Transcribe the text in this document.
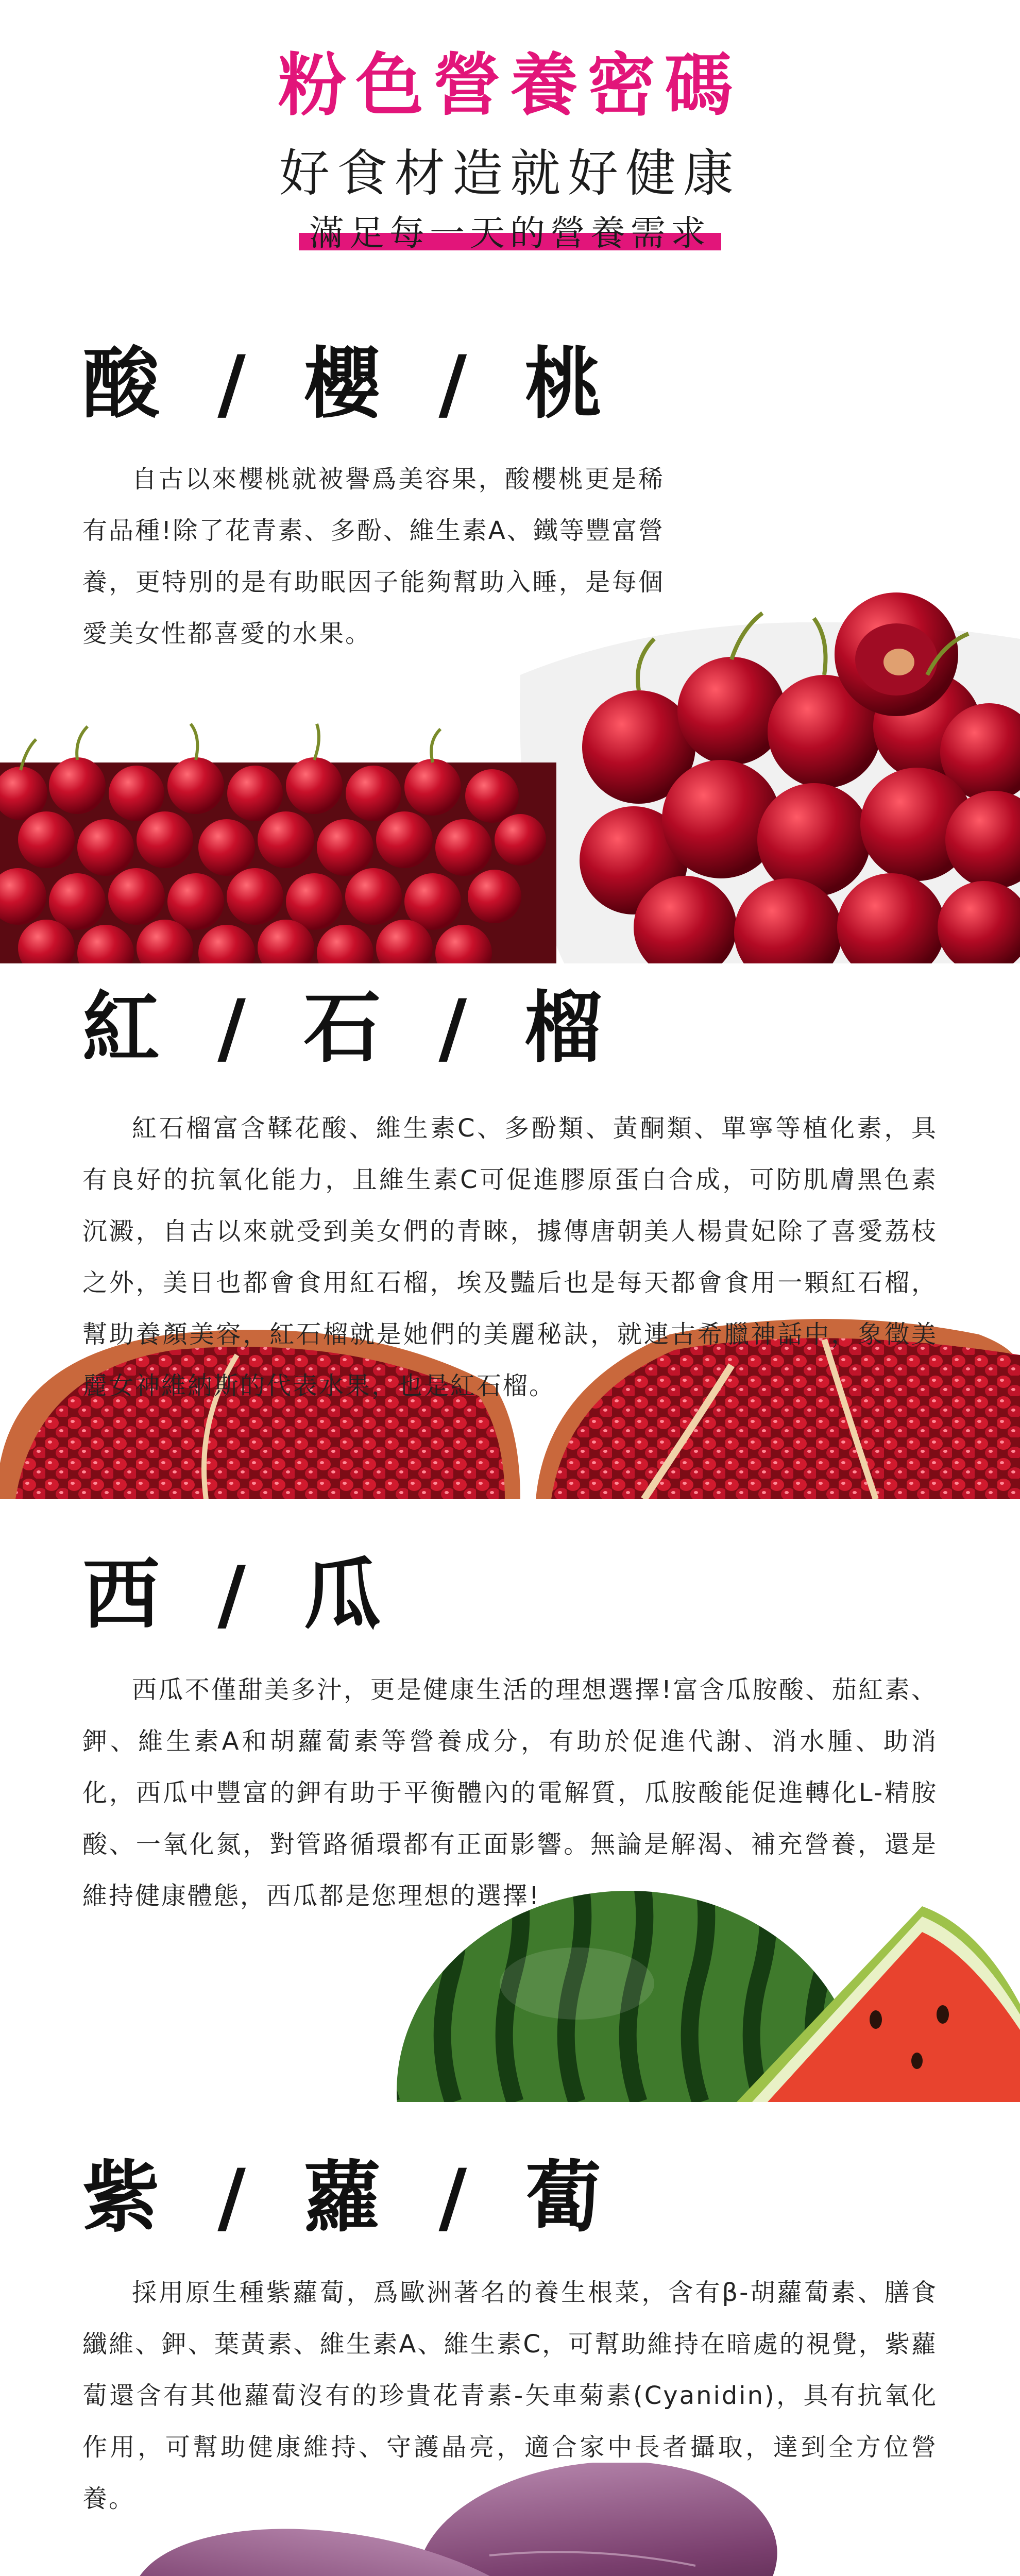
粉色營養密碼
好食材造就好健康
滿足每一天的營養需求
酸 / 櫻 / 桃
自古以來櫻桃就被譽爲美容果，酸櫻桃更是稀有品種!除了花青素、多酚、維生素A、鐵等豐富營養，更特別的是有助眠因子能夠幫助入睡，是每個愛美女性都喜愛的水果。
紅 / 石 / 榴
紅石榴富含鞣花酸、維生素C、多酚類、黃酮類、單寧等植化素，具有良好的抗氧化能力，且維生素C可促進膠原蛋白合成，可防肌膚黑色素沉澱，自古以來就受到美女們的青睞，據傳唐朝美人楊貴妃除了喜愛荔枝之外，美日也都會食用紅石榴，埃及豔后也是每天都會食用一顆紅石榴，幫助養顏美容，紅石榴就是她們的美麗秘訣，就連古希臘神話中，象徵美麗女神維納斯的代表水果，也是紅石榴。
西 / 瓜
西瓜不僅甜美多汁，更是健康生活的理想選擇!富含瓜胺酸、茄紅素、鉀、維生素A和胡蘿蔔素等營養成分，有助於促進代謝、消水腫、助消化，西瓜中豐富的鉀有助于平衡體內的電解質，瓜胺酸能促進轉化L-精胺酸、一氧化氮，對管路循環都有正面影響。無論是解渴、補充營養，還是維持健康體態，西瓜都是您理想的選擇!
紫 / 蘿 / 蔔
採用原生種紫蘿蔔，爲歐洲著名的養生根菜，含有β-胡蘿蔔素、膳食纖維、鉀、葉黃素、維生素A、維生素C，可幫助維持在暗處的視覺，紫蘿蔔還含有其他蘿蔔沒有的珍貴花青素-矢車菊素(Cyanidin)，具有抗氧化作用，可幫助健康維持、守護晶亮，適合家中長者攝取，達到全方位營養。
